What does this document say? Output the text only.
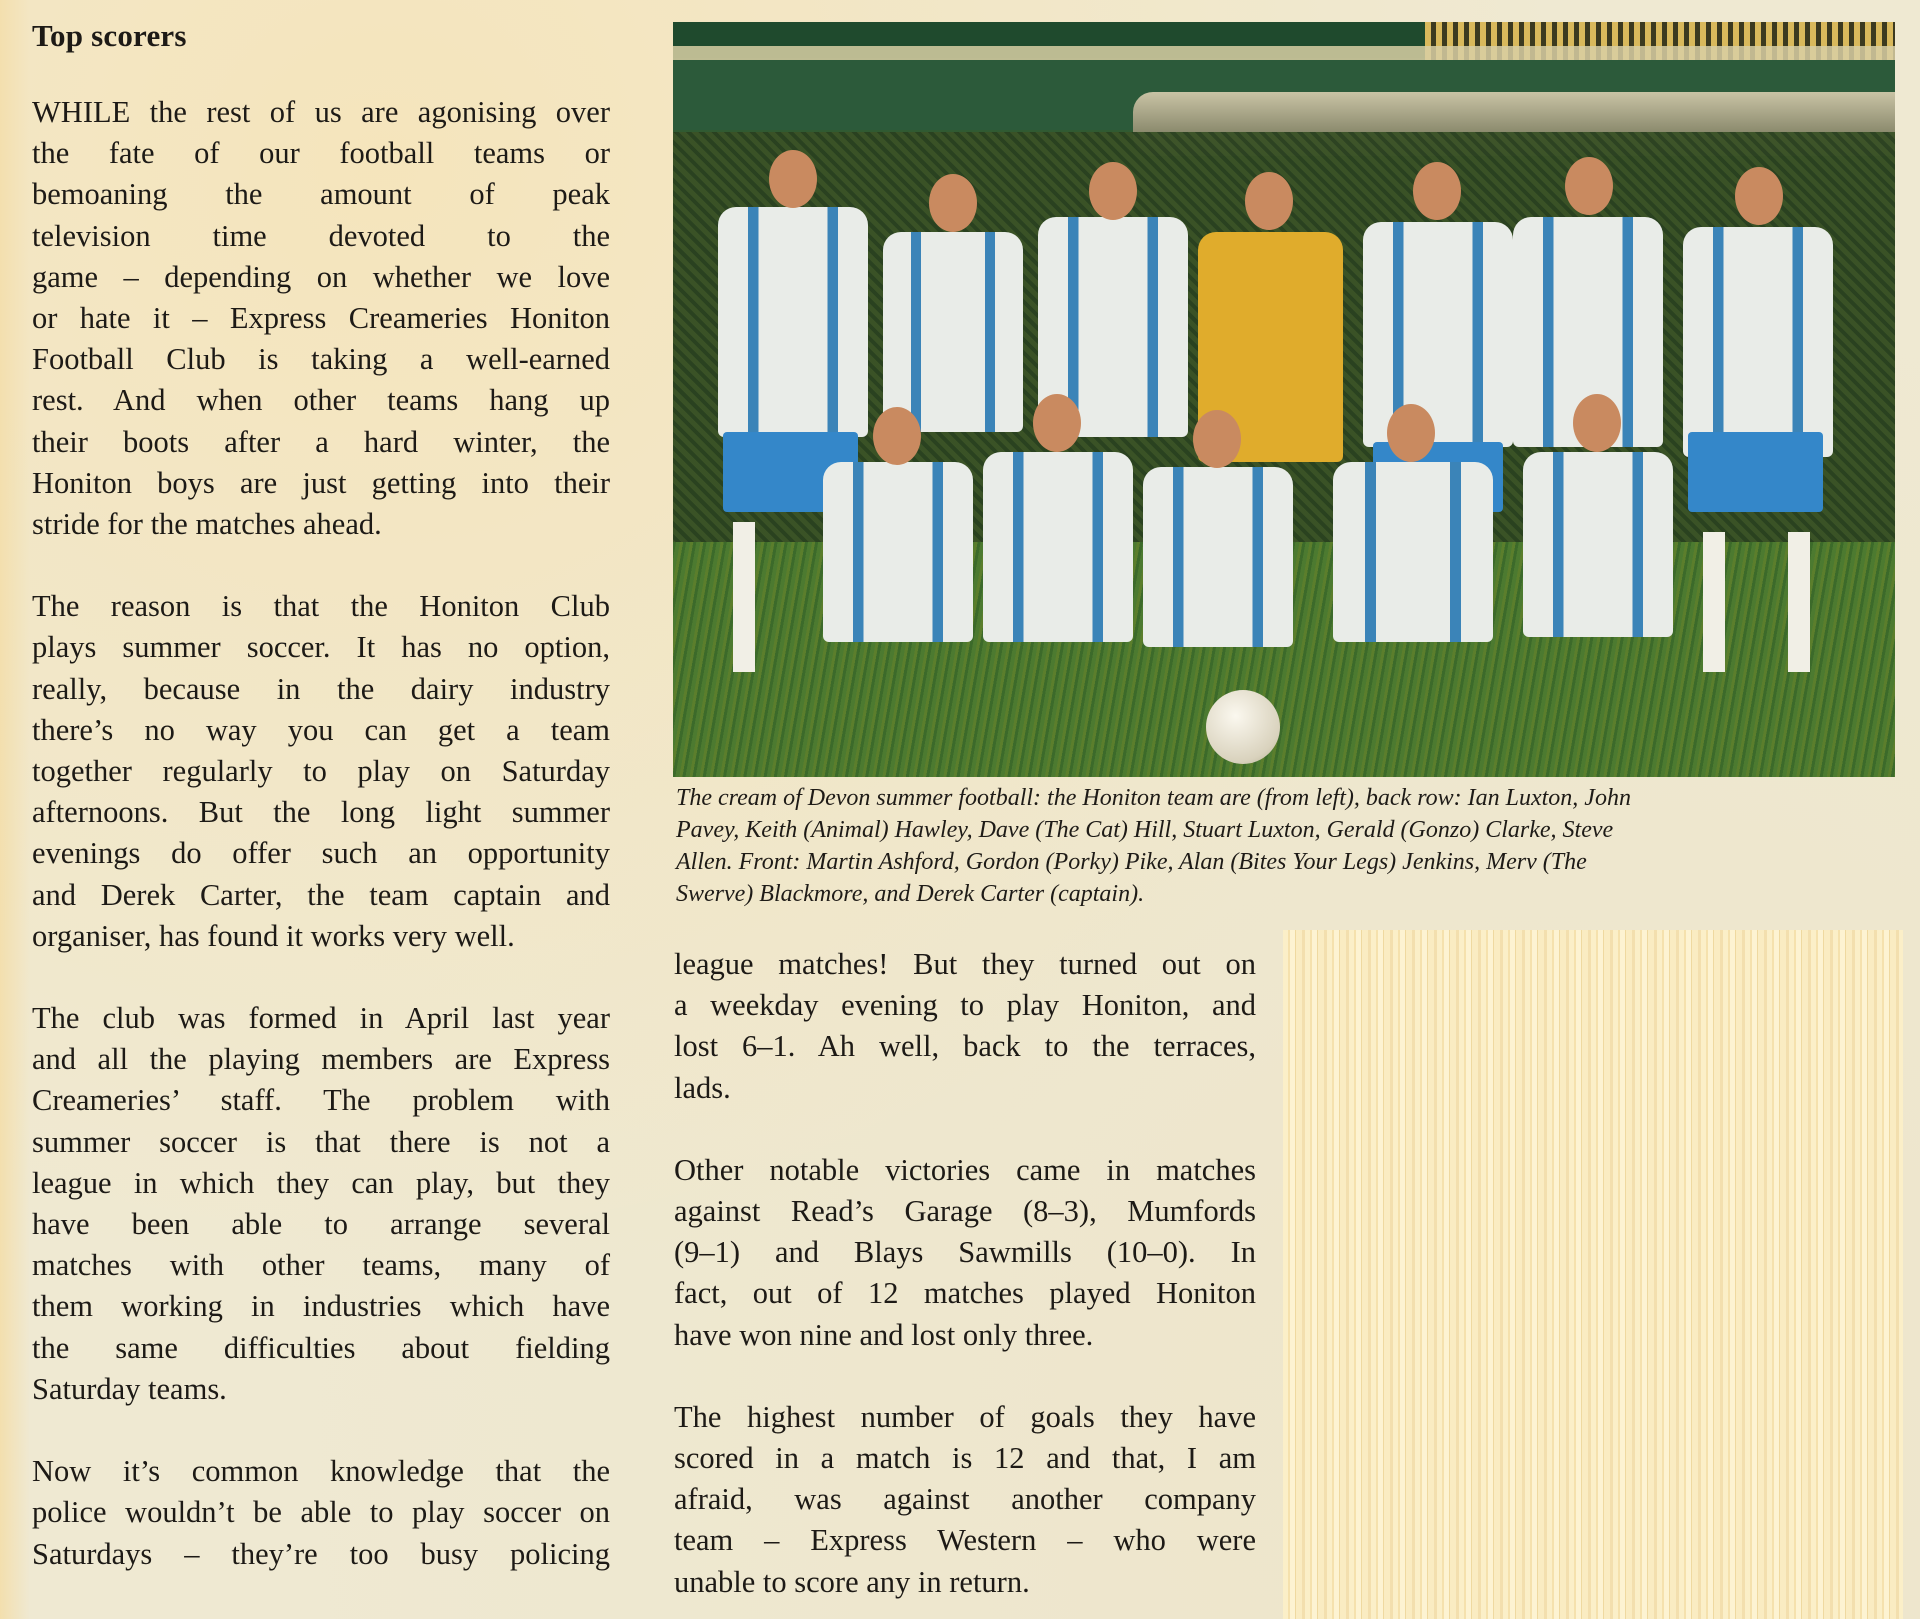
Top scorers

WHILE the rest of us are agonising over
the fate of our football teams or
bemoaning the amount of peak
television time devoted to the
game – depending on whether we love
or hate it – Express Creameries Honiton
Football Club is taking a well-earned
rest. And when other teams hang up
their boots after a hard winter, the
Honiton boys are just getting into their
stride for the matches ahead.

The reason is that the Honiton Club
plays summer soccer. It has no option,
really, because in the dairy industry
there’s no way you can get a team
together regularly to play on Saturday
afternoons. But the long light summer
evenings do offer such an opportunity
and Derek Carter, the team captain and
organiser, has found it works very well.

The club was formed in April last year
and all the playing members are Express
Creameries’ staff. The problem with
summer soccer is that there is not a
league in which they can play, but they
have been able to arrange several
matches with other teams, many of
them working in industries which have
the same difficulties about fielding
Saturday teams.

Now it’s common knowledge that the
police wouldn’t be able to play soccer on
Saturdays – they’re too busy policing

The cream of Devon summer football: the Honiton team are (from left), back row: Ian Luxton, John
Pavey, Keith (Animal) Hawley, Dave (The Cat) Hill, Stuart Luxton, Gerald (Gonzo) Clarke, Steve
Allen. Front: Martin Ashford, Gordon (Porky) Pike, Alan (Bites Your Legs) Jenkins, Merv (The
Swerve) Blackmore, and Derek Carter (captain).

league matches! But they turned out on
a weekday evening to play Honiton, and
lost 6–1. Ah well, back to the terraces,
lads.

Other notable victories came in matches
against Read’s Garage (8–3), Mumfords
(9–1) and Blays Sawmills (10–0). In
fact, out of 12 matches played Honiton
have won nine and lost only three.

The highest number of goals they have
scored in a match is 12 and that, I am
afraid, was against another company
team – Express Western – who were
unable to score any in return.
